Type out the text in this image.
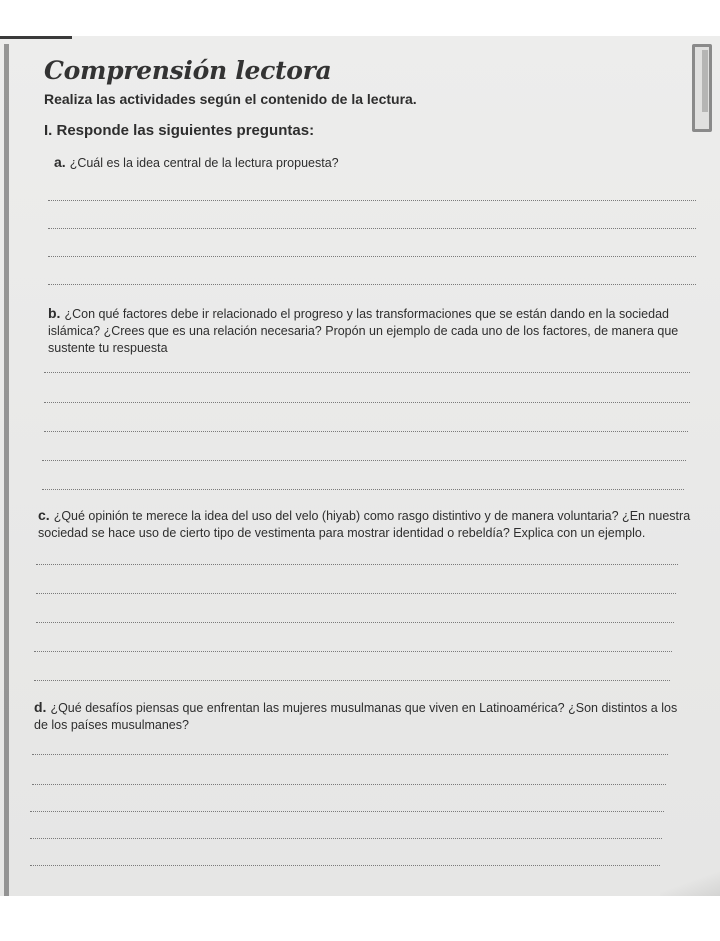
Comprensión lectora
Realiza las actividades según el contenido de la lectura.
I. Responde las siguientes preguntas:

a. ¿Cuál es la idea central de la lectura propuesta?

b. ¿Con qué factores debe ir relacionado el progreso y las transformaciones que se están dando en la sociedad islámica? ¿Crees que es una relación necesaria? Propón un ejemplo de cada uno de los factores, de manera que sustente tu respuesta

c. ¿Qué opinión te merece la idea del uso del velo (hiyab) como rasgo distintivo y de manera voluntaria? ¿En nuestra sociedad se hace uso de cierto tipo de vestimenta para mostrar identidad o rebeldía? Explica con un ejemplo.

d. ¿Qué desafíos piensas que enfrentan las mujeres musulmanas que viven en Latinoamérica? ¿Son distintos a los de los países musulmanes?
